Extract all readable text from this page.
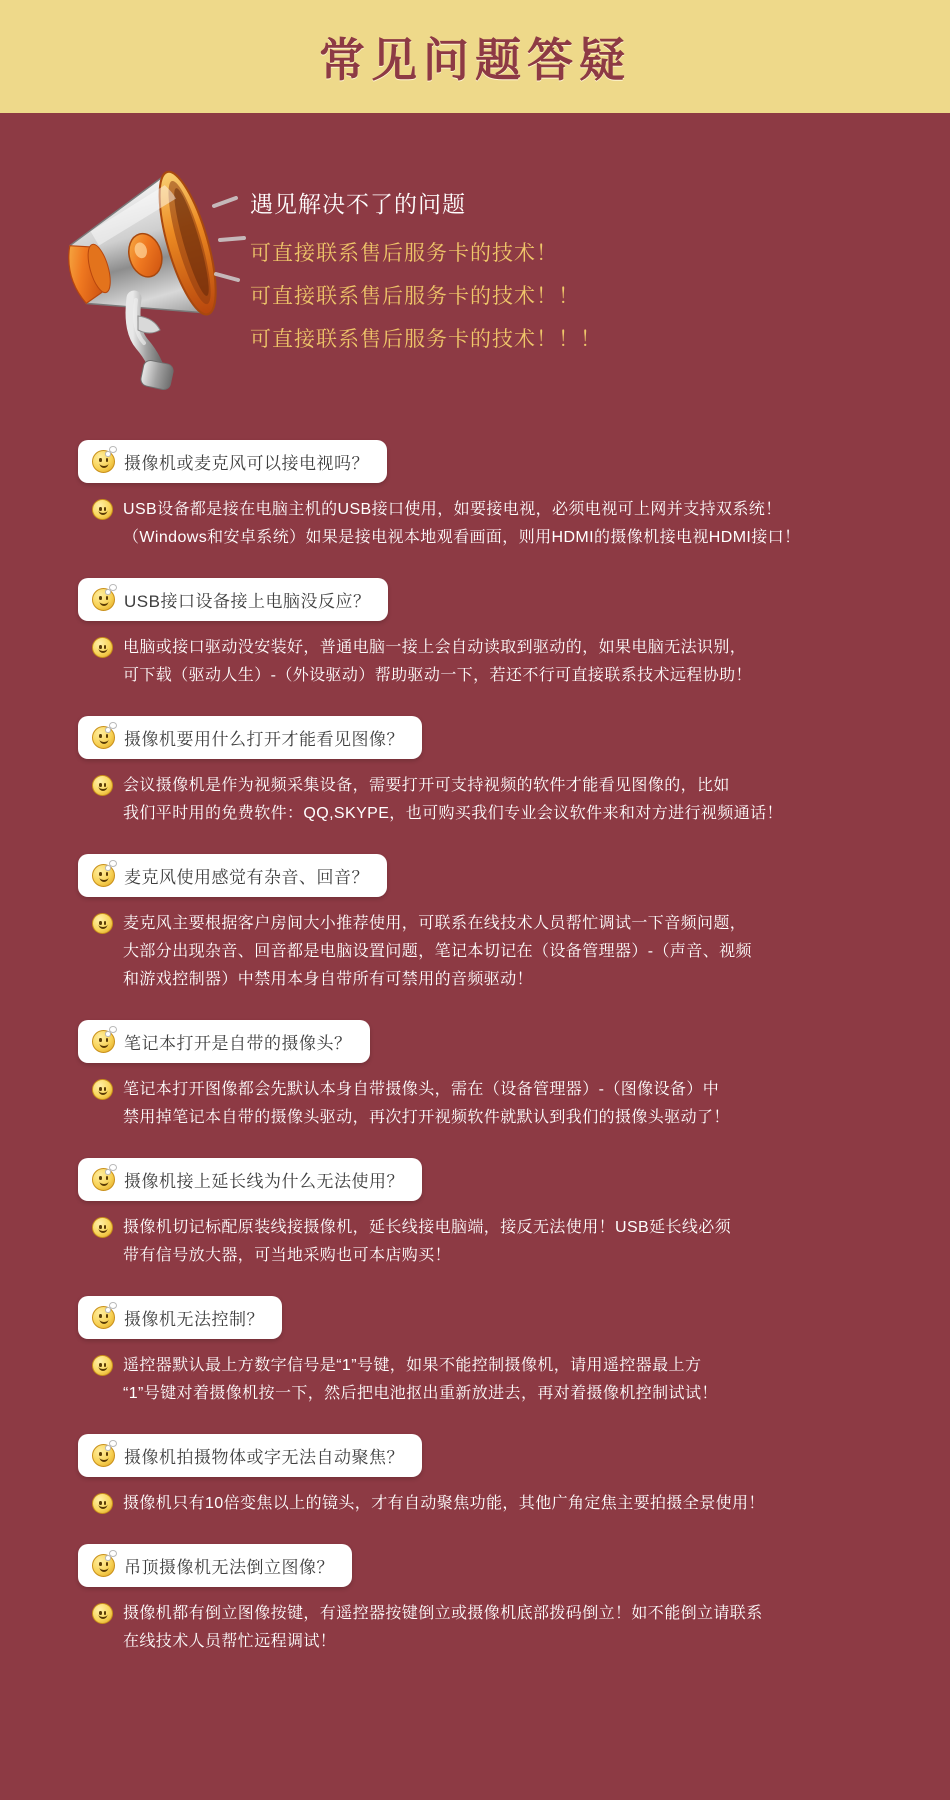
常见问题答疑
遇见解决不了的问题
可直接联系售后服务卡的技术！
可直接联系售后服务卡的技术！！
可直接联系售后服务卡的技术！！！
摄像机或麦克风可以接电视吗？
USB设备都是接在电脑主机的USB接口使用，如要接电视，必须电视可上网并支持双系统！
（Windows和安卓系统）如果是接电视本地观看画面，则用HDMI的摄像机接电视HDMI接口！
USB接口设备接上电脑没反应？
电脑或接口驱动没安装好，普通电脑一接上会自动读取到驱动的，如果电脑无法识别，
可下载（驱动人生）-（外设驱动）帮助驱动一下，若还不行可直接联系技术远程协助！
摄像机要用什么打开才能看见图像？
会议摄像机是作为视频采集设备，需要打开可支持视频的软件才能看见图像的，比如
我们平时用的免费软件：QQ,SKYPE，也可购买我们专业会议软件来和对方进行视频通话！
麦克风使用感觉有杂音、回音？
麦克风主要根据客户房间大小推荐使用，可联系在线技术人员帮忙调试一下音频问题，
大部分出现杂音、回音都是电脑设置问题，笔记本切记在（设备管理器）-（声音、视频
和游戏控制器）中禁用本身自带所有可禁用的音频驱动！
笔记本打开是自带的摄像头？
笔记本打开图像都会先默认本身自带摄像头，需在（设备管理器）-（图像设备）中
禁用掉笔记本自带的摄像头驱动，再次打开视频软件就默认到我们的摄像头驱动了！
摄像机接上延长线为什么无法使用？
摄像机切记标配原装线接摄像机，延长线接电脑端，接反无法使用！USB延长线必须
带有信号放大器，可当地采购也可本店购买！
摄像机无法控制？
遥控器默认最上方数字信号是“1”号键，如果不能控制摄像机，请用遥控器最上方
“1”号键对着摄像机按一下，然后把电池抠出重新放进去，再对着摄像机控制试试！
摄像机拍摄物体或字无法自动聚焦？
摄像机只有10倍变焦以上的镜头，才有自动聚焦功能，其他广角定焦主要拍摄全景使用！
吊顶摄像机无法倒立图像？
摄像机都有倒立图像按键，有遥控器按键倒立或摄像机底部拨码倒立！如不能倒立请联系
在线技术人员帮忙远程调试！
